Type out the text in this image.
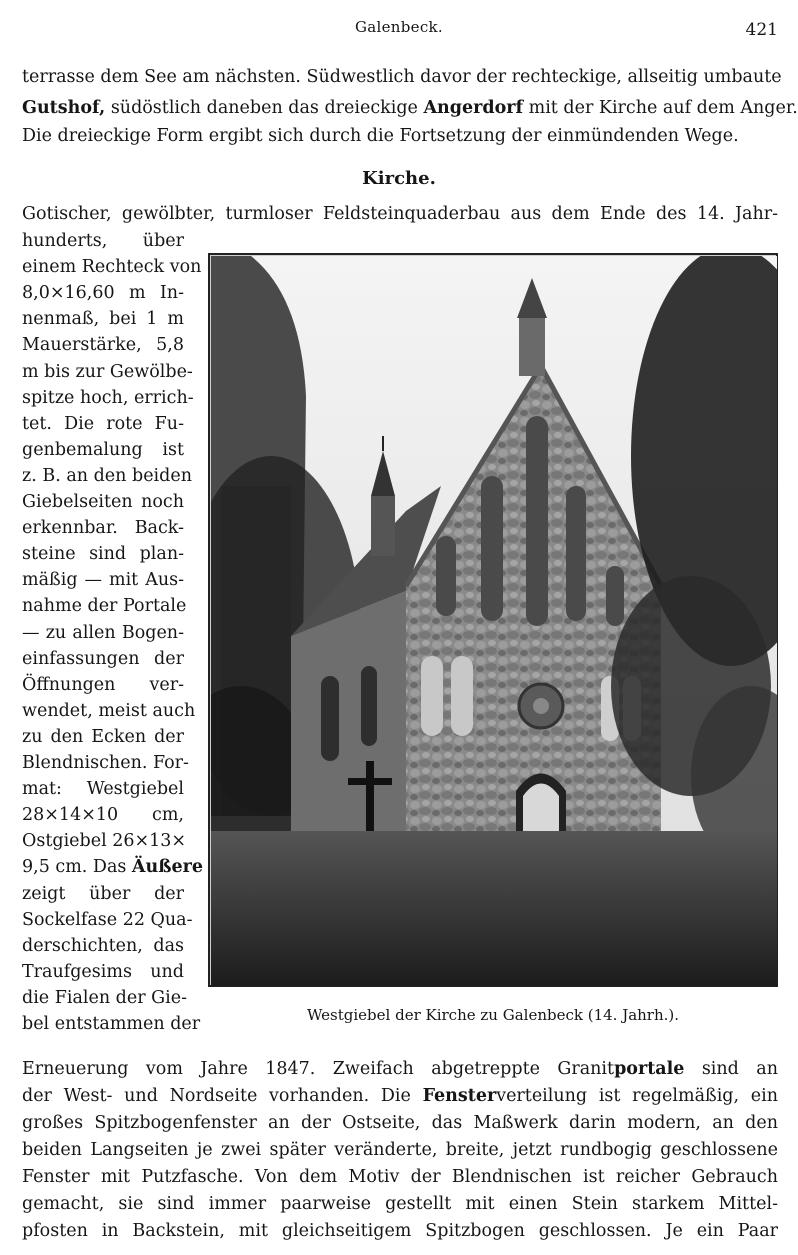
Galenbeck.	421
terrasse dem See am nächsten. Südwestlich davor der rechteckige, allseitig umbaute
Gutshof, südöstlich daneben das dreieckige Angerdorf mit der Kirche auf dem Anger.
Die dreieckige Form ergibt sich durch die Fortsetzung der einmündenden Wege.
Kirche.
Gotischer, gewölbter, turmloser Feldsteinquaderbau aus dem Ende des 14. Jahr-
hunderts, über
einem Rechteck von
8,0×16,60 m In-
nenmaß, bei 1 m
Mauerstärke, 5,8
m bis zur Gewölbe-
spitze hoch, errich-
tet. Die rote Fu-
genbemalung ist
z. B. an den beiden
Giebelseiten noch
erkennbar. Back-
steine sind plan-
mäßig — mit Aus-
nahme der Portale
— zu allen Bogen-
einfassungen der
Öffnungen ver-
wendet, meist auch
zu den Ecken der
Blendnischen. For-
mat: Westgiebel
28×14×10 cm,
Ostgiebel 26×13×
9,5 cm. Das Äußere
zeigt über der
Sockelfase 22 Qua-
derschichten, das
Traufgesims und
die Fialen der Gie-
bel entstammen der	Westgiebel der Kirche zu Galenbeck (14. Jahrh.).
Erneuerung vom Jahre 1847. Zweifach abgetreppte Granitportale sind an
der West- und Nordseite vorhanden. Die Fensterverteilung ist regelmäßig, ein
großes Spitzbogenfenster an der Ostseite, das Maßwerk darin modern, an den
beiden Langseiten je zwei später veränderte, breite, jetzt rundbogig geschlossene
Fenster mit Putzfasche. Von dem Motiv der Blendnischen ist reicher Gebrauch
gemacht, sie sind immer paarweise gestellt mit einen Stein starkem Mittel-
pfosten in Backstein, mit gleichseitigem Spitzbogen geschlossen. Je ein Paar
